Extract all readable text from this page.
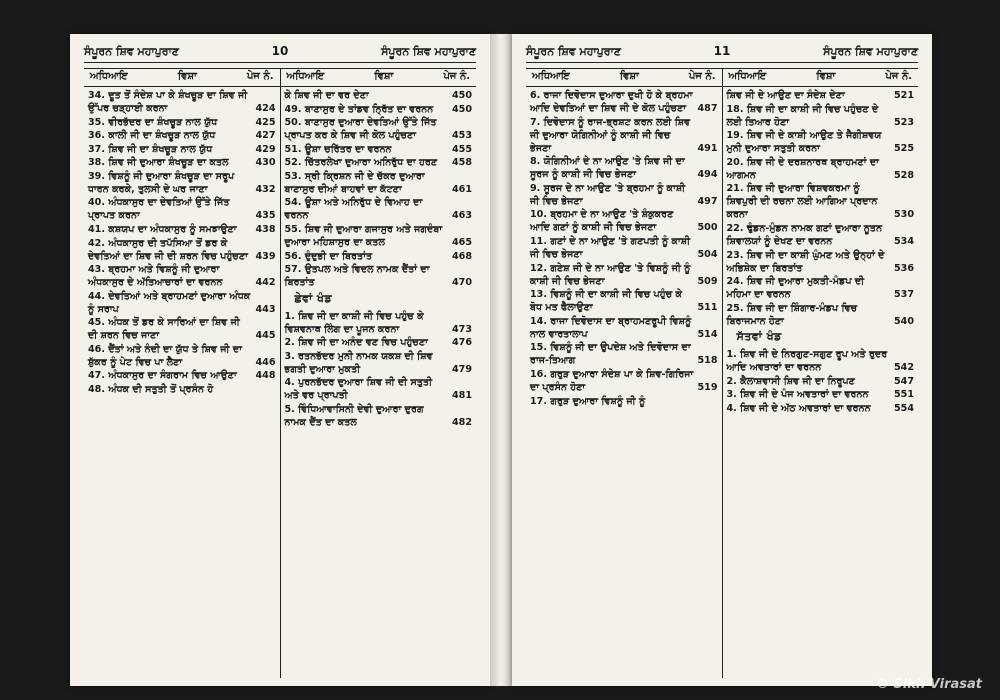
ਸੰਪੂਰਨ ਸ਼ਿਵ ਮਹਾਪੁਰਾਣ	10	ਸੰਪੂਰਨ ਸ਼ਿਵ ਮਹਾਪੁਰਾਣ
ਅਧਿਆਇ	ਵਿਸ਼ਾ	ਪੇਜ ਨੰ.
34. ਦੂਤ ਤੋਂ ਸੰਦੇਸ਼ ਪਾ ਕੇ ਸ਼ੰਖਚੂੜ ਦਾ ਸ਼ਿਵ ਜੀ ਉੱਪਰ ਚੜ੍ਹਾਈ ਕਰਨਾ	424
35. ਵੀਰਭੱਦਰ ਦਾ ਸ਼ੰਖਚੂੜ ਨਾਲ ਯੁੱਧ	425
36. ਕਾਲੀ ਜੀ ਦਾ ਸ਼ੰਖਚੂੜ ਨਾਲ ਯੁੱਧ	427
37. ਸ਼ਿਵ ਜੀ ਦਾ ਸ਼ੰਖਚੂੜ ਨਾਲ ਯੁੱਧ	429
38. ਸ਼ਿਵ ਜੀ ਦੁਆਰਾ ਸ਼ੰਖਚੂੜ ਦਾ ਕਤਲ	430
39. ਵਿਸ਼ਨੂੰ ਜੀ ਦੁਆਰਾ ਸ਼ੰਖਚੂੜ ਦਾ ਸਰੂਪ ਧਾਰਨ ਕਰਕੇ, ਤੁਲਸੀ ਦੇ ਘਰ ਜਾਣਾ	432
40. ਅੰਧਕਾਸੁਰ ਦਾ ਦੇਵਤਿਆਂ ਉੱਤੇ ਜਿੱਤ ਪ੍ਰਾਪਤ ਕਰਨਾ	435
41. ਕਸ਼ਯਪ ਦਾ ਅੰਧਕਾਸੁਰ ਨੂੰ ਸਮਝਾਉਣਾ	438
42. ਅੰਧਕਾਸੁਰ ਦੀ ਤਪੱਸਿਆ ਤੋਂ ਡਰ ਕੇ ਦੇਵਤਿਆਂ ਦਾ ਸ਼ਿਵ ਜੀ ਦੀ ਸ਼ਰਨ ਵਿਚ ਪਹੁੰਚਣਾ 439
43. ਬ੍ਰਹਮਾ ਅਤੇ ਵਿਸ਼ਨੂੰ ਜੀ ਦੁਆਰਾ ਅੰਧਕਾਸੁਰ ਦੇ ਅੱਤਿਆਚਾਰਾਂ ਦਾ ਵਰਨਨ	442
44. ਦੇਵਤਿਆਂ ਅਤੇ ਬ੍ਰਾਹਮਣਾਂ ਦੁਆਰਾ ਅੰਧਕ ਨੂੰ ਸਰਾਪ	443
45. ਅੰਧਕ ਤੋਂ ਡਰ ਕੇ ਸਾਰਿਆਂ ਦਾ ਸ਼ਿਵ ਜੀ ਦੀ ਸ਼ਰਨ ਵਿਚ ਜਾਣਾ	445
46. ਦੈਂਤਾਂ ਅਤੇ ਨੰਦੀ ਦਾ ਯੁੱਧ ਤੇ ਸ਼ਿਵ ਜੀ ਦਾ ਸ਼ੁੱਕਰ ਨੂੰ ਪੇਟ ਵਿਚ ਪਾ ਲੈਣਾ	446
47. ਅੰਧਕਾਸੁਰ ਦਾ ਸੰਗਰਾਮ ਵਿਚ ਆਉਣਾ	448
48. ਅੰਧਕ ਦੀ ਸਤੁਤੀ ਤੋਂ ਪ੍ਰਸੰਨ ਹੋ
ਅਧਿਆਇ	ਵਿਸ਼ਾ	ਪੇਜ ਨੰ.
ਕੇ ਸ਼ਿਵ ਜੀ ਦਾ ਵਰ ਦੇਣਾ	450
49. ਬਾਣਾਸੁਰ ਦੇ ਤਾਂਡਵ ਨ੍ਰਿੱਤ ਦਾ ਵਰਨਨ	450
50. ਬਾਣਾਸੁਰ ਦੁਆਰਾ ਦੇਵਤਿਆਂ ਉੱਤੇ ਜਿੱਤ ਪ੍ਰਾਪਤ ਕਰ ਕੇ ਸ਼ਿਵ ਜੀ ਕੋਲ ਪਹੁੰਚਣਾ	453
51. ਊਸ਼ਾ ਚਰਿੱਤਰ ਦਾ ਵਰਨਨ	455
52. ਚਿੱਤਰਲੇਖਾ ਦੁਆਰਾ ਅਨਿਰੁੱਧ ਦਾ ਹਰਣ	458
53. ਸ੍ਰੀ ਕ੍ਰਿਸ਼ਨ ਜੀ ਦੇ ਚੱਕਰ ਦੁਆਰਾ ਬਾਣਾਸੁਰ ਦੀਆਂ ਬਾਹਵਾਂ ਦਾ ਕੱਟਣਾ	461
54. ਊਸ਼ਾ ਅਤੇ ਅਨਿਰੁੱਧ ਦੇ ਵਿਆਹ ਦਾ ਵਰਨਨ	463
55. ਸ਼ਿਵ ਜੀ ਦੁਆਰਾ ਗਜਾਸੁਰ ਅਤੇ ਜਗਦੰਬਾ ਦੁਆਰਾ ਮਹਿਸ਼ਾਸੁਰ ਦਾ ਕਤਲ	465
56. ਦੁੰਦੁਭੀ ਦਾ ਬਿਰਤਾਂਤ	468
57. ਉਤਪਲ ਅਤੇ ਵਿਦਲ ਨਾਮਕ ਦੈਂਤਾਂ ਦਾ ਬਿਰਤਾਂਤ	470
ਛੇਵਾਂ ਖੰਡ
1. ਸ਼ਿਵ ਜੀ ਦਾ ਕਾਸ਼ੀ ਜੀ ਵਿਚ ਪਹੁੰਚ ਕੇ ਵਿਸ਼ਵਨਾਥ ਲਿੰਗ ਦਾ ਪੂਜਨ ਕਰਨਾ	473
2. ਸ਼ਿਵ ਜੀ ਦਾ ਅਨੰਦ ਵਣ ਵਿਚ ਪਹੁੰਚਣਾ	476
3. ਰਤਨਭੱਦਰ ਮੁਨੀ ਨਾਮਕ ਯਕਸ਼ ਦੀ ਸ਼ਿਵ ਭਗਤੀ ਦੁਆਰਾ ਮੁਕਤੀ	479
4. ਪੁਰਨਭੱਦਰ ਦੁਆਰਾ ਸ਼ਿਵ ਜੀ ਦੀ ਸਤੁਤੀ ਅਤੇ ਵਰ ਪ੍ਰਾਪਤੀ	481
5. ਵਿੰਧਿਆਵਾਸਿਨੀ ਦੇਵੀ ਦੁਆਰਾ ਦੁਰਗ ਨਾਮਕ ਦੈਂਤ ਦਾ ਕਤਲ	482
ਸੰਪੂਰਨ ਸ਼ਿਵ ਮਹਾਪੁਰਾਣ	11	ਸੰਪੂਰਨ ਸ਼ਿਵ ਮਹਾਪੁਰਾਣ
ਅਧਿਆਇ	ਵਿਸ਼ਾ	ਪੇਜ ਨੰ.
6. ਰਾਜਾ ਦਿਵੋਦਾਸ ਦੁਆਰਾ ਦੁਖੀ ਹੋ ਕੇ ਬ੍ਰਹਮਾ ਆਦਿ ਦੇਵਤਿਆਂ ਦਾ ਸ਼ਿਵ ਜੀ ਦੇ ਕੋਲ ਪਹੁੰਚਣਾ	487
7. ਦਿਵੋਦਾਸ ਨੂੰ ਰਾਜ-ਭ੍ਰਸ਼ਟ ਕਰਨ ਲਈ ਸ਼ਿਵ ਜੀ ਦੁਆਰਾ ਯੋਗਿਨੀਆਂ ਨੂੰ ਕਾਸ਼ੀ ਜੀ ਵਿਚ ਭੇਜਣਾ	491
8. ਯੋਗਿਨੀਆਂ ਦੇ ਨਾ ਆਉਣ 'ਤੇ ਸ਼ਿਵ ਜੀ ਦਾ ਸੂਰਜ ਨੂੰ ਕਾਸ਼ੀ ਜੀ ਵਿਚ ਭੇਜਣਾ	494
9. ਸੂਰਜ ਦੇ ਨਾ ਆਉਣ 'ਤੇ ਬ੍ਰਹਮਾ ਨੂੰ ਕਾਸ਼ੀ ਜੀ ਵਿਚ ਭੇਜਣਾ	497
10. ਬ੍ਰਹਮਾ ਦੇ ਨਾ ਆਉਣ 'ਤੇ ਸ਼ੰਕੁਕਰਣ ਆਦਿ ਗਣਾਂ ਨੂੰ ਕਾਸ਼ੀ ਜੀ ਵਿਚ ਭੇਜਣਾ	500
11. ਗਣਾਂ ਦੇ ਨਾ ਆਉਣ 'ਤੇ ਗਣਪਤੀ ਨੂੰ ਕਾਸ਼ੀ ਜੀ ਵਿਚ ਭੇਜਣਾ	504
12. ਗਣੇਸ਼ ਜੀ ਦੇ ਨਾ ਆਉਣ 'ਤੇ ਵਿਸ਼ਨੂੰ ਜੀ ਨੂੰ ਕਾਸ਼ੀ ਜੀ ਵਿਚ ਭੇਜਣਾ	509
13. ਵਿਸ਼ਨੂੰ ਜੀ ਦਾ ਕਾਸ਼ੀ ਜੀ ਵਿਚ ਪਹੁੰਚ ਕੇ ਬੋਧ ਮਤ ਫੈਲਾਉਣਾ	511
14. ਰਾਜਾ ਦਿਵੋਦਾਸ ਦਾ ਬ੍ਰਾਹਮਣਰੂਪੀ ਵਿਸ਼ਨੂੰ ਨਾਲ ਵਾਰਤਾਲਾਪ	514
15. ਵਿਸ਼ਨੂੰ ਜੀ ਦਾ ਉਪਦੇਸ਼ ਅਤੇ ਦਿਵੋਦਾਸ ਦਾ ਰਾਜ-ਤਿਆਗ	518
16. ਗਰੁੜ ਦੁਆਰਾ ਸੰਦੇਸ਼ ਪਾ ਕੇ ਸ਼ਿਵ-ਗਿਰਿਜਾ ਦਾ ਪ੍ਰਸੰਨ ਹੋਣਾ	519
17. ਗਰੁੜ ਦੁਆਰਾ ਵਿਸ਼ਨੂੰ ਜੀ ਨੂੰ
ਅਧਿਆਇ	ਵਿਸ਼ਾ	ਪੇਜ ਨੰ.
ਸ਼ਿਵ ਜੀ ਦੇ ਆਉਣ ਦਾ ਸੰਦੇਸ਼ ਦੇਣਾ	521
18. ਸ਼ਿਵ ਜੀ ਦਾ ਕਾਸ਼ੀ ਜੀ ਵਿਚ ਪਹੁੰਚਣ ਦੇ ਲਈ ਤਿਆਰ ਹੋਣਾ	523
19. ਸ਼ਿਵ ਜੀ ਦੇ ਕਾਸ਼ੀ ਆਉਣ ਤੇ ਜੈਗੀਸ਼ਵਯ ਮੁਨੀ ਦੁਆਰਾ ਸਤੁਤੀ ਕਰਨਾ	525
20. ਸ਼ਿਵ ਜੀ ਦੇ ਦਰਸ਼ਨਾਰਥ ਬ੍ਰਾਹਮਣਾਂ ਦਾ ਆਗਮਨ	528
21. ਸ਼ਿਵ ਜੀ ਦੁਆਰਾ ਵਿਸ਼ਵਕਰਮਾ ਨੂੰ ਸ਼ਿਵਪੁਰੀ ਦੀ ਰਚਨਾ ਲਈ ਆਗਿਆ ਪ੍ਰਦਾਨ ਕਰਨਾ	530
22. ਢੁੰਡਨ-ਮੁੰਡਨ ਨਾਮਕ ਗਣਾਂ ਦੁਆਰਾ ਨੂਤਨ ਸ਼ਿਵਾਲਯਾਂ ਨੂੰ ਦੇਖਣ ਦਾ ਵਰਨਨ	534
23. ਸ਼ਿਵ ਜੀ ਦਾ ਕਾਸ਼ੀ ਘੁੰਮਣ ਅਤੇ ਉਨ੍ਹਾਂ ਦੇ ਅਭਿਸ਼ੇਕ ਦਾ ਬਿਰਤਾਂਤ	536
24. ਸ਼ਿਵ ਜੀ ਦੁਆਰਾ ਮੁਕਤੀ-ਮੰਡਪ ਦੀ ਮਹਿਮਾ ਦਾ ਵਰਨਨ	537
25. ਸ਼ਿਵ ਜੀ ਦਾ ਸ਼ਿੰਗਾਰ-ਮੰਡਪ ਵਿਚ ਬਿਰਾਜਮਾਨ ਹੋਣਾ	540
ਸੱਤਵਾਂ ਖੰਡ
1. ਸ਼ਿਵ ਜੀ ਦੇ ਨਿਰਗੁਣ-ਸਗੁਣ ਰੂਪ ਅਤੇ ਰੁਦਰ ਆਦਿ ਅਵਤਾਰਾਂ ਦਾ ਵਰਨਨ	542
2. ਕੈਲਾਸ਼ਵਾਸੀ ਸ਼ਿਵ ਜੀ ਦਾ ਨਿਰੂਪਣ	547
3. ਸ਼ਿਵ ਜੀ ਦੇ ਪੰਜ ਅਵਤਾਰਾਂ ਦਾ ਵਰਨਨ	551
4. ਸ਼ਿਵ ਜੀ ਦੇ ਅੱਠ ਅਵਤਾਰਾਂ ਦਾ ਵਰਨਨ	554
© Sikh Virasat
